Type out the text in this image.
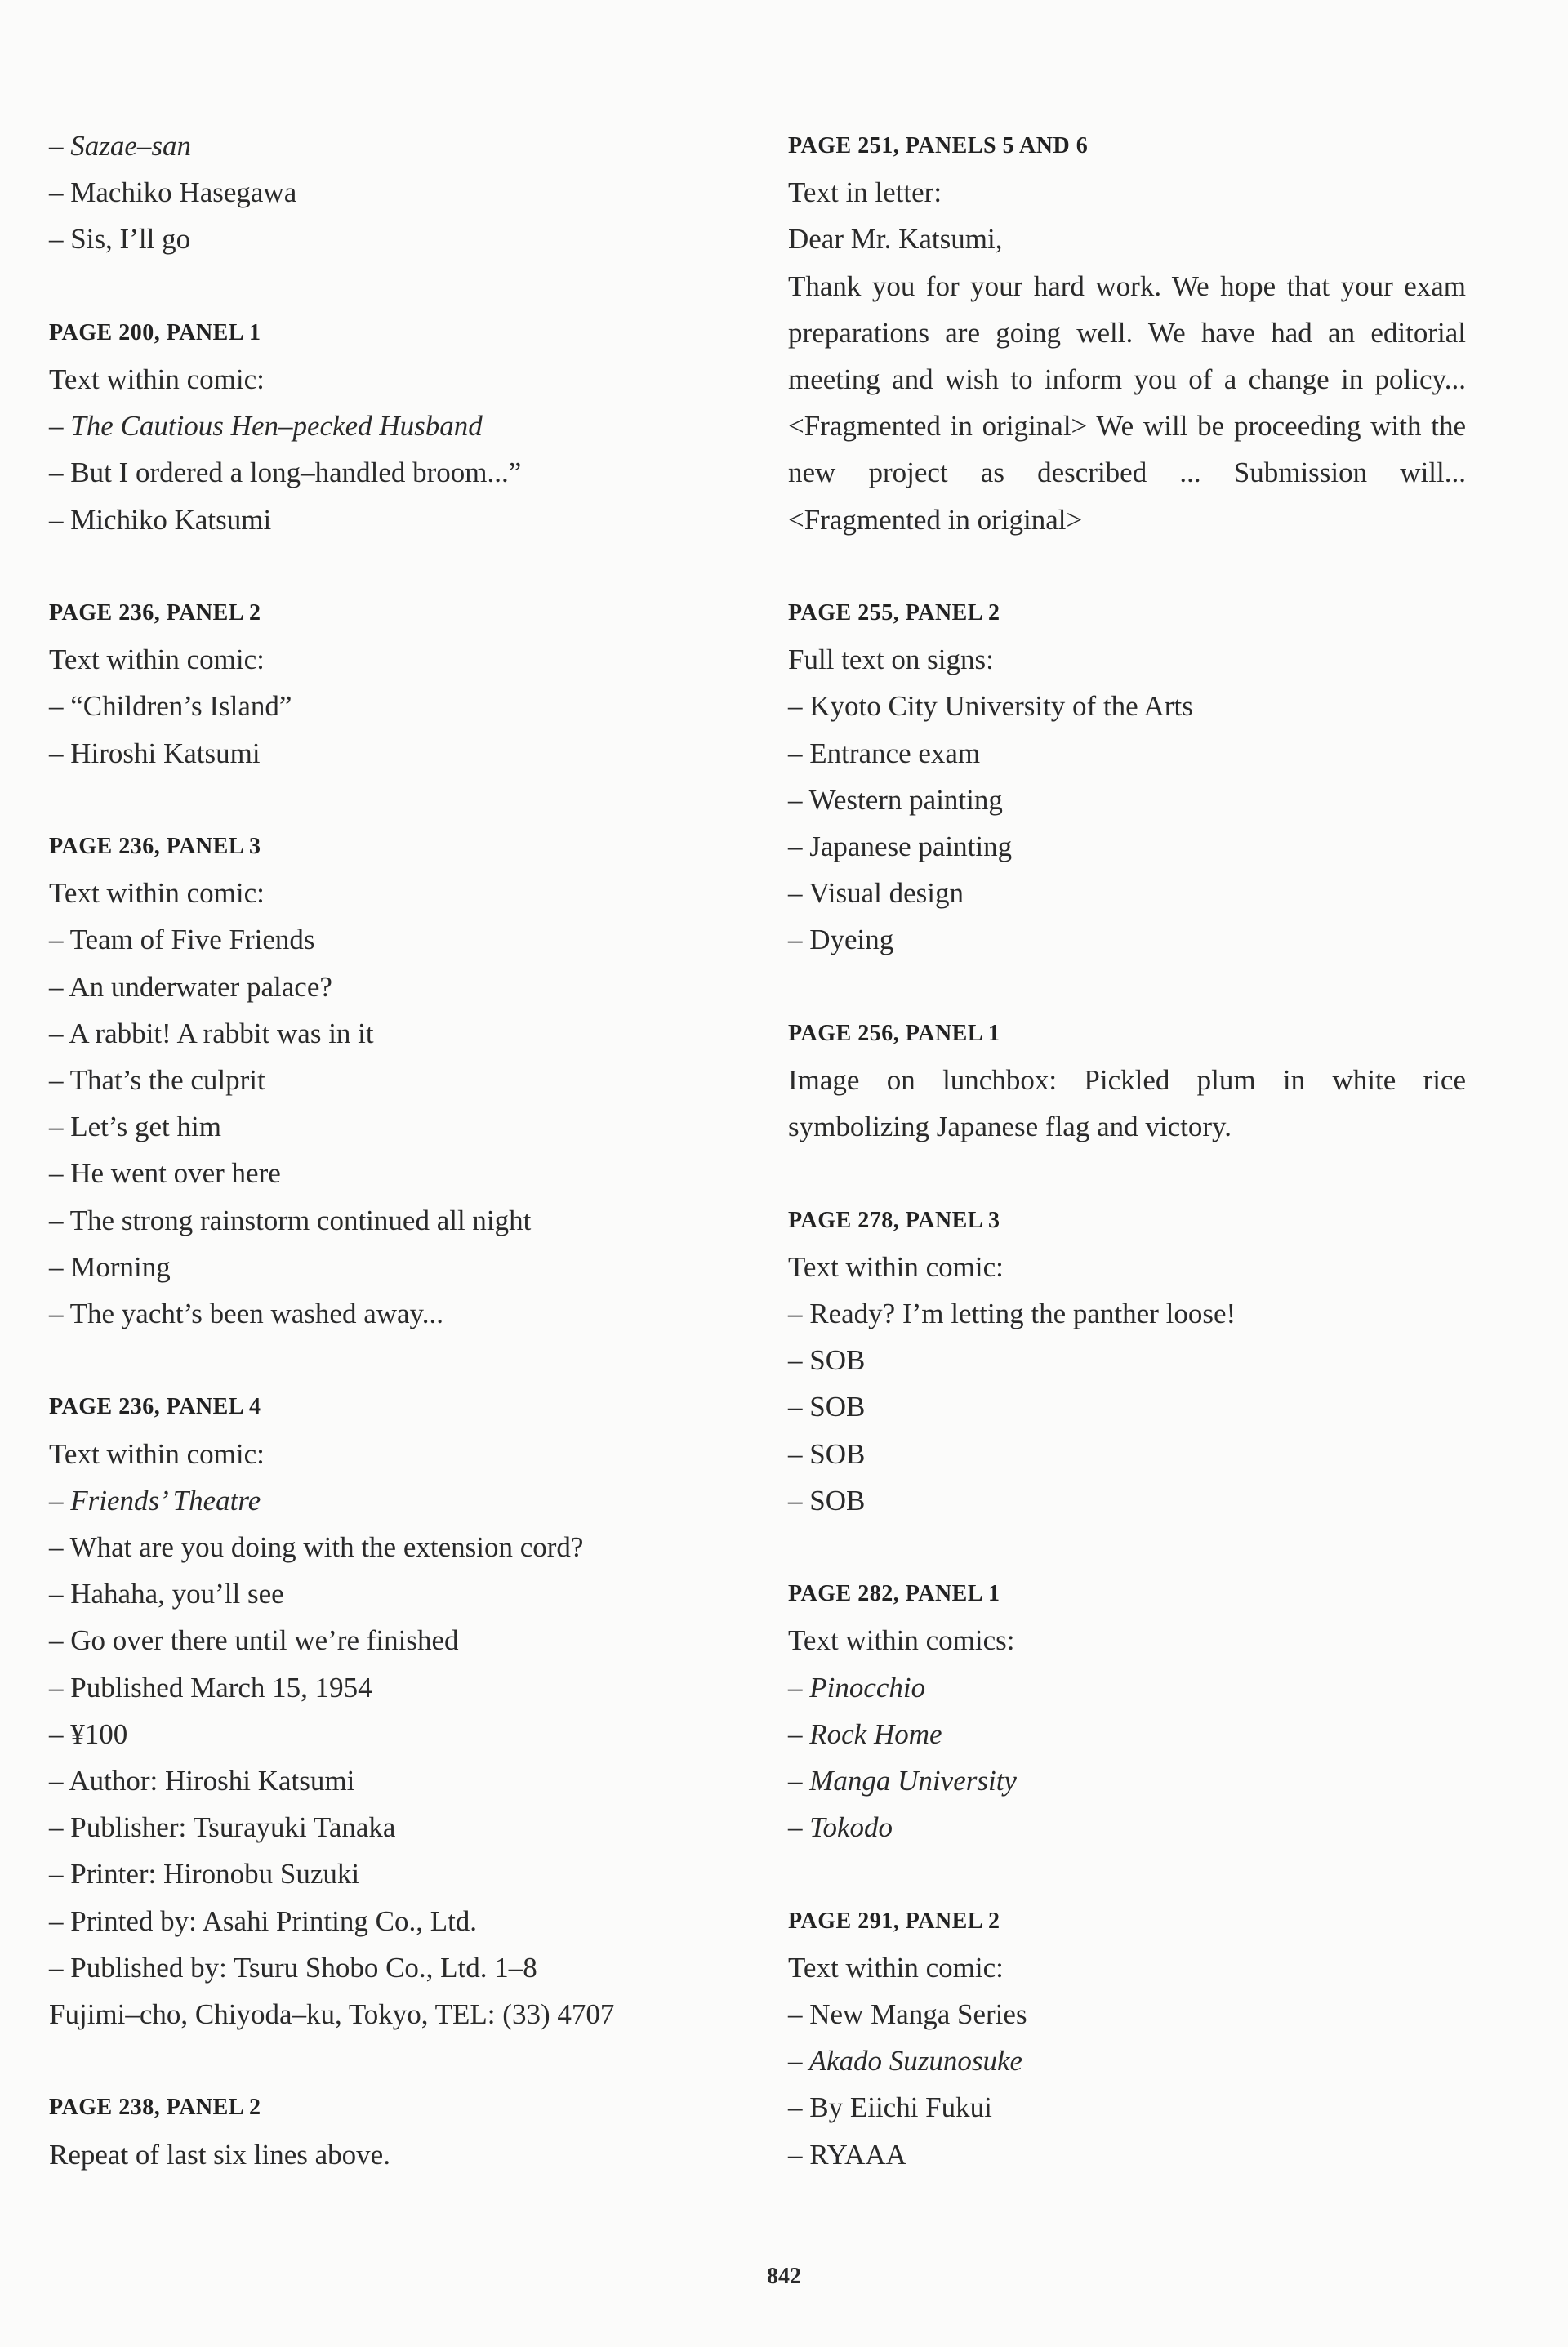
– Sazae–san
– Machiko Hasegawa
– Sis, I’ll go
PAGE 200, PANEL 1
Text within comic:
– The Cautious Hen–pecked Husband
– But I ordered a long–handled broom...”
– Michiko Katsumi
PAGE 236, PANEL 2
Text within comic:
– “Children’s Island”
– Hiroshi Katsumi
PAGE 236, PANEL 3
Text within comic:
– Team of Five Friends
– An underwater palace?
– A rabbit! A rabbit was in it
– That’s the culprit
– Let’s get him
– He went over here
– The strong rainstorm continued all night
– Morning
– The yacht’s been washed away...
PAGE 236, PANEL 4
Text within comic:
– Friends’ Theatre
– What are you doing with the extension cord?
– Hahaha, you’ll see
– Go over there until we’re finished
– Published March 15, 1954
– ¥100
– Author: Hiroshi Katsumi
– Publisher: Tsurayuki Tanaka
– Printer: Hironobu Suzuki
– Printed by: Asahi Printing Co., Ltd.
– Published by: Tsuru Shobo Co., Ltd. 1–8
Fujimi–cho, Chiyoda–ku, Tokyo, TEL: (33) 4707
PAGE 238, PANEL 2
Repeat of last six lines above.
PAGE 251, PANELS 5 AND 6
Text in letter:
Dear Mr. Katsumi,
Thank you for your hard work. We hope that your exam preparations are going well. We have had an editorial meeting and wish to inform you of a change in policy...<Fragmented in original> We will be proceeding with the new project as described ... Submission will... <Fragmented in original>
PAGE 255, PANEL 2
Full text on signs:
– Kyoto City University of the Arts
– Entrance exam
– Western painting
– Japanese painting
– Visual design
– Dyeing
PAGE 256, PANEL 1
Image on lunchbox: Pickled plum in white rice symbolizing Japanese flag and victory.
PAGE 278, PANEL 3
Text within comic:
– Ready? I’m letting the panther loose!
– SOB
– SOB
– SOB
– SOB
PAGE 282, PANEL 1
Text within comics:
– Pinocchio
– Rock Home
– Manga University
– Tokodo
PAGE 291, PANEL 2
Text within comic:
– New Manga Series
– Akado Suzunosuke
– By Eiichi Fukui
– RYAAA
842
